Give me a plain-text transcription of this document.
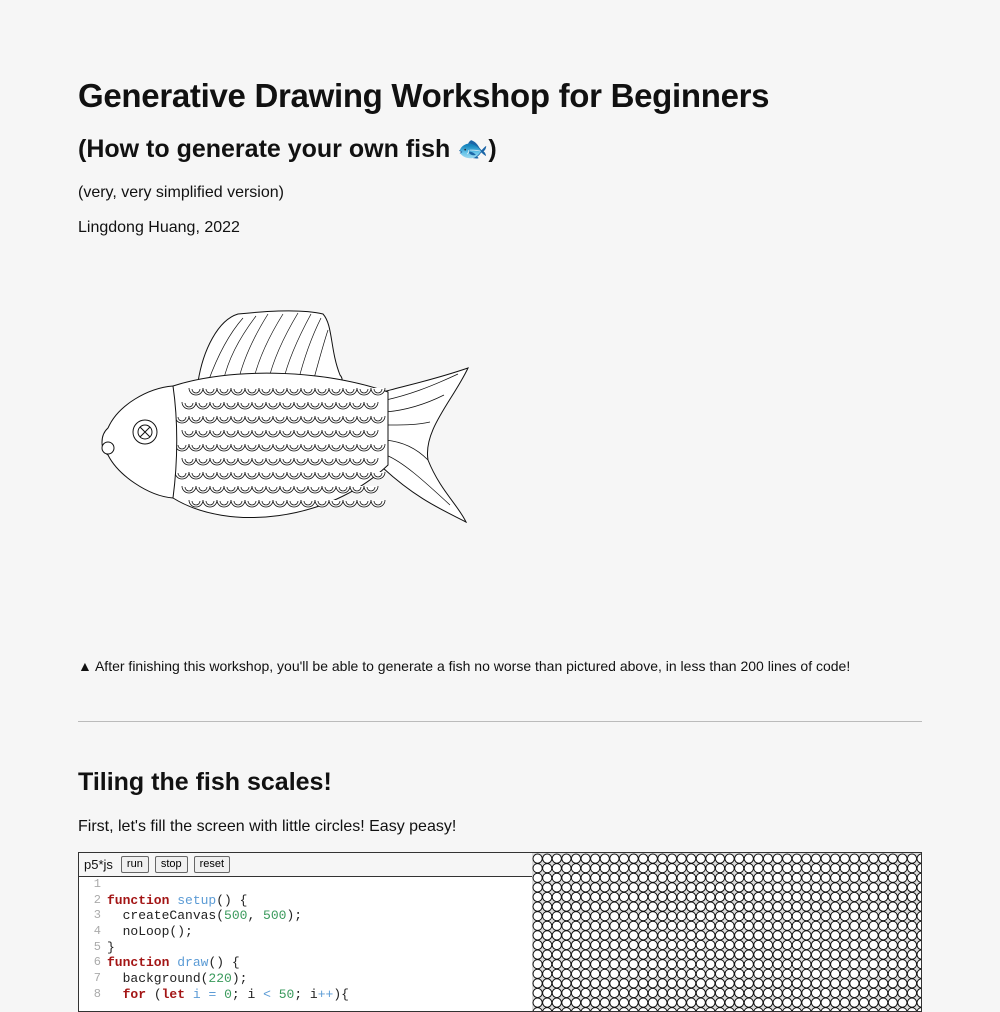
Generative Drawing Workshop for Beginners
(How to generate your own fish 🐟)
(very, very simplified version)
Lingdong Huang, 2022
▲ After finishing this workshop, you'll be able to generate a fish no worse than pictured above, in less than 200 lines of code!
Tiling the fish scales!
First, let's fill the screen with little circles! Easy peasy!
p5*js	run	stop	reset
1
2 function setup () {
3 createCanvas( 500 , 500 );
4 noLoop();
5 }
6 function draw () {
7 background( 220 );
8 for ( let i = 0 ; i < 50 ; i ++ ){
